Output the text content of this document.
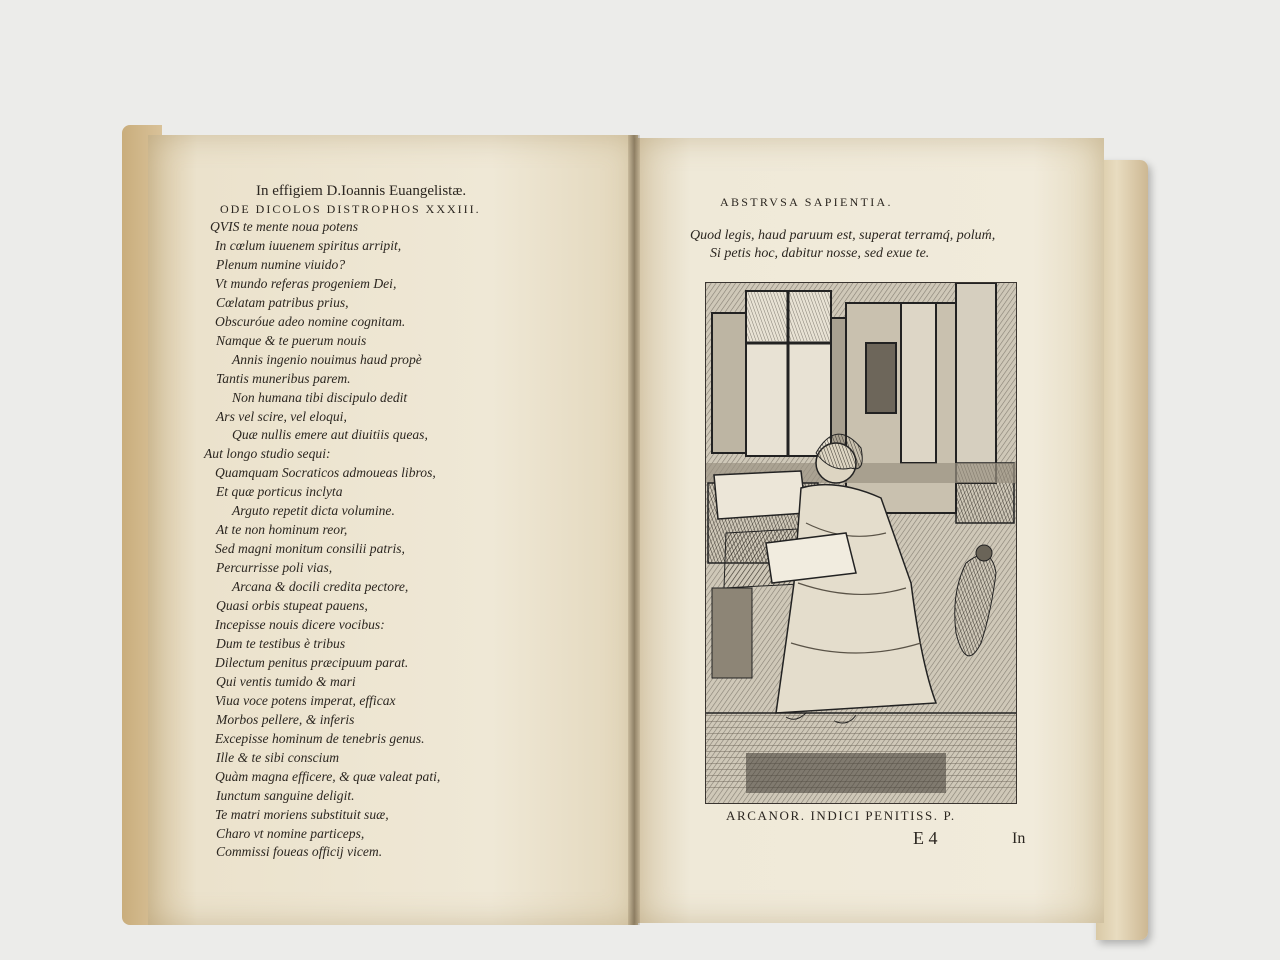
In effigiem D.Ioannis Euangelistæ.
ODE DICOLOS DISTROPHOS XXXIII.
QVIS te mente noua potens
In cœlum iuuenem spiritus arripit,
Plenum numine viuido?
Vt mundo referas progeniem Dei,
Cœlatam patribus prius,
Obscuróue adeo nomine cognitam.
Namque & te puerum nouis
Annis ingenio nouimus haud propè
Tantis muneribus parem.
Non humana tibi discipulo dedit
Ars vel scire, vel eloqui,
Quæ nullis emere aut diuitiis queas,
Aut longo studio sequi:
Quamquam Socraticos admoueas libros,
Et quæ porticus inclyta
Arguto repetit dicta volumine.
At te non hominum reor,
Sed magni monitum consilii patris,
Percurrisse poli vias,
Arcana & docili credita pectore,
Quasi orbis stupeat pauens,
Incepisse nouis dicere vocibus:
Dum te testibus è tribus
Dilectum penitus præcipuum parat.
Qui ventis tumido & mari
Viua voce potens imperat, efficax
Morbos pellere, & inferis
Excepisse hominum de tenebris genus.
Ille & te sibi conscium
Quàm magna efficere, & quæ valeat pati,
Iunctum sanguine deligit.
Te matri moriens substituit suæ,
Charo vt nomine particeps,
Commissi foueas officij vicem.
ABSTRVSA SAPIENTIA.
Quod legis, haud paruum est, superat terramq́, poluḿ,
Si petis hoc, dabitur nosse, sed exue te.
ARCANOR. INDICI PENITISS. P.
E 4	In
